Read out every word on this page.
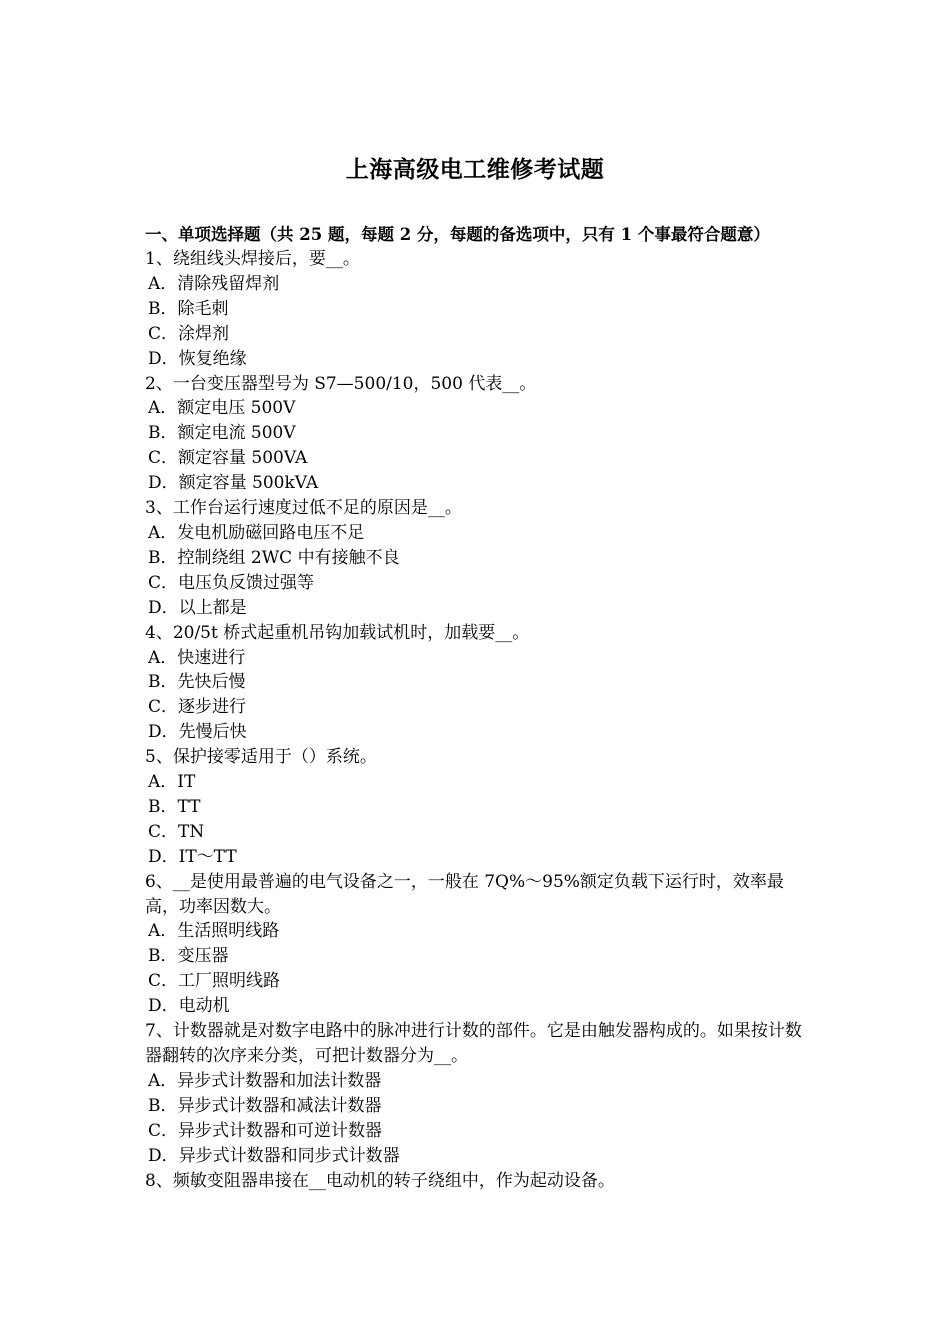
上海高级电工维修考试题
一、单项选择题（共 25 题，每题 2 分，每题的备选项中，只有 1 个事最符合题意）
1、绕组线头焊接后，要__。
A．清除残留焊剂
B．除毛刺
C．涂焊剂
D．恢复绝缘
2、一台变压器型号为 S7—500/10，500 代表__。
A．额定电压 500V
B．额定电流 500V
C．额定容量 500VA
D．额定容量 500kVA
3、工作台运行速度过低不足的原因是__。
A．发电机励磁回路电压不足
B．控制绕组 2WC 中有接触不良
C．电压负反馈过强等
D．以上都是
4、20/5t 桥式起重机吊钩加载试机时，加载要__。
A．快速进行
B．先快后慢
C．逐步进行
D．先慢后快
5、保护接零适用于（）系统。
A．IT
B．TT
C．TN
D．IT～TT
6、__是使用最普遍的电气设备之一，一般在 7Q%～95%额定负载下运行时，效率最高，功率因数大。
A．生活照明线路
B．变压器
C．工厂照明线路
D．电动机
7、计数器就是对数字电路中的脉冲进行计数的部件。它是由触发器构成的。如果按计数器翻转的次序来分类，可把计数器分为__。
A．异步式计数器和加法计数器
B．异步式计数器和减法计数器
C．异步式计数器和可逆计数器
D．异步式计数器和同步式计数器
8、频敏变阻器串接在__电动机的转子绕组中，作为起动设备。
